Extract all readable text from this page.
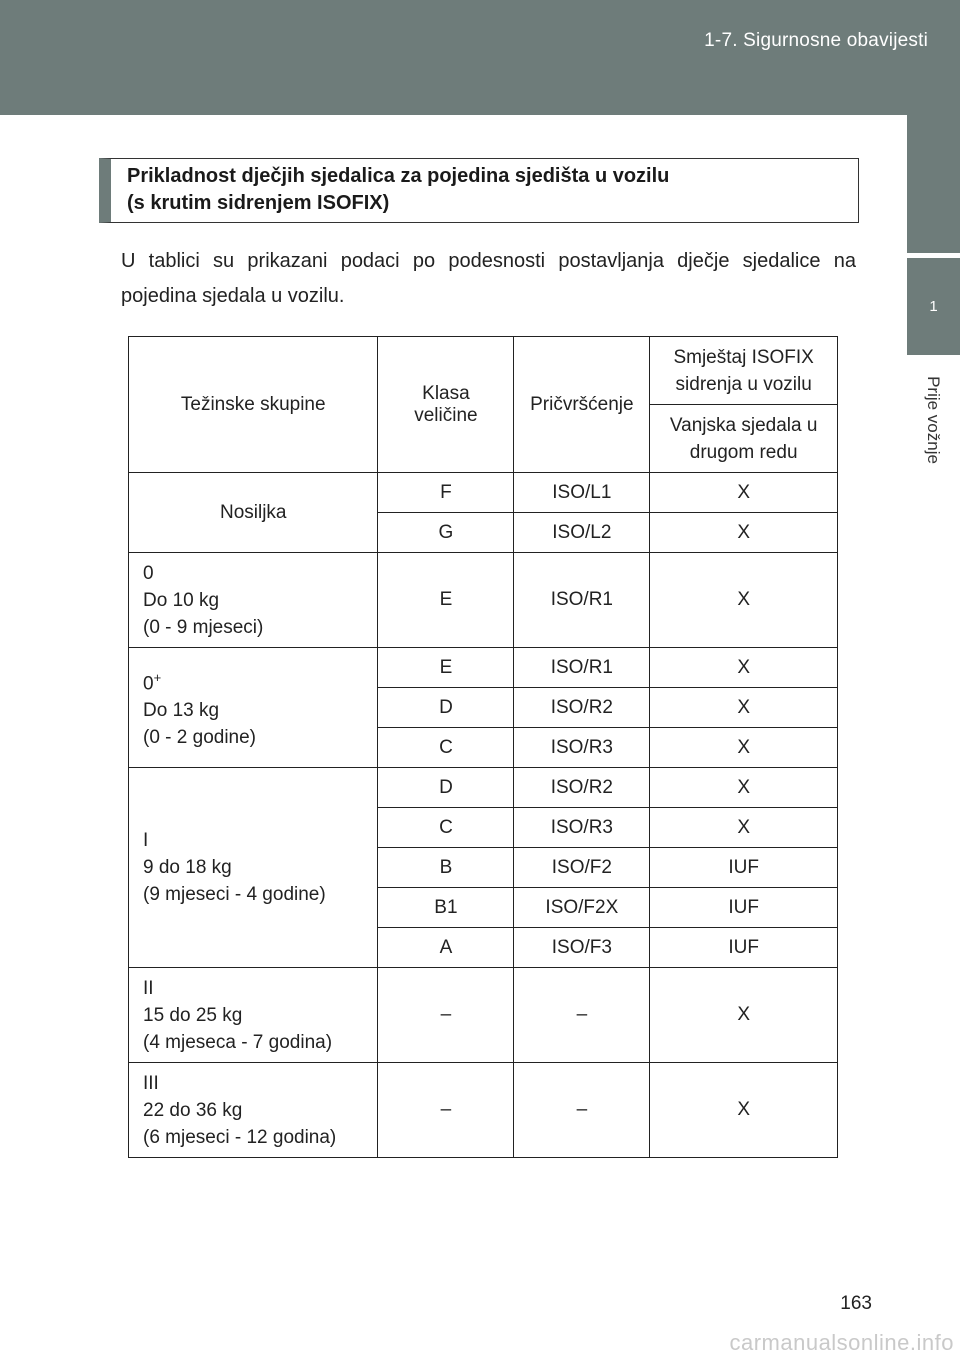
1-7. Sigurnosne obavijesti
1
Prije vožnje
Prikladnost dječjih sjedalica za pojedina sjedišta u vozilu
(s krutim sidrenjem ISOFIX)
U tablici su prikazani podaci po podesnosti postavljanja dječje sjedalice na pojedina sjedala u vozilu.
Težinske skupine	Klasa veličine	Pričvršćenje	Smještaj ISOFIX sidrenja u vozilu
			Vanjska sjedala u drugom redu

Nosiljka	F	ISO/L1	X
	G	ISO/L2	X

0
Do 10 kg
(0 - 9 mjeseci)	E	ISO/R1	X

0+
Do 13 kg
(0 - 2 godine)	E	ISO/R1	X
	D	ISO/R2	X
	C	ISO/R3	X

I
9 do 18 kg
(9 mjeseci - 4 godine)	D	ISO/R2	X
	C	ISO/R3	X
	B	ISO/F2	IUF
	B1	ISO/F2X	IUF
	A	ISO/F3	IUF

II
15 do 25 kg
(4 mjeseca - 7 godina)	–	–	X

III
22 do 36 kg
(6 mjeseci - 12 godina)	–	–	X
163
carmanualsonline.info
